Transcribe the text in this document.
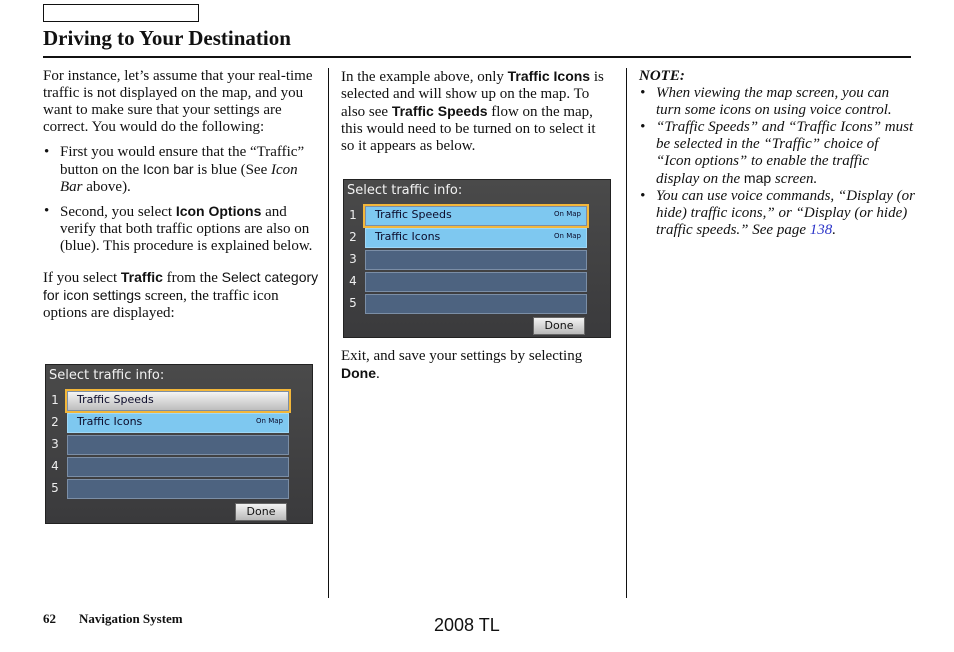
Driving to Your Destination

For instance, let’s assume that your real-time traffic is not displayed on the map, and you want to make sure that your settings are correct. You would do the following:

• First you would ensure that the “Traffic” button on the Icon bar is blue (See Icon Bar above).
• Second, you select Icon Options and verify that both traffic options are also on (blue). This procedure is explained below.

If you select Traffic from the Select category for icon settings screen, the traffic icon options are displayed:

Select traffic info:
1 Traffic Speeds
2 Traffic Icons	On Map
3
4
5
Done

In the example above, only Traffic Icons is selected and will show up on the map. To also see Traffic Speeds flow on the map, this would need to be turned on to select it so it appears as below.

Select traffic info:
1 Traffic Speeds	On Map
2 Traffic Icons	On Map
3
4
5
Done

Exit, and save your settings by selecting Done.

NOTE:

• When viewing the map screen, you can turn some icons on using voice control.
• “Traffic Speeds” and “Traffic Icons” must be selected in the “Traffic” choice of “Icon options” to enable the traffic display on the map screen.
• You can use voice commands, “Display (or hide) traffic icons,” or “Display (or hide) traffic speeds.” See page 138.
62 Navigation System	2008 TL
